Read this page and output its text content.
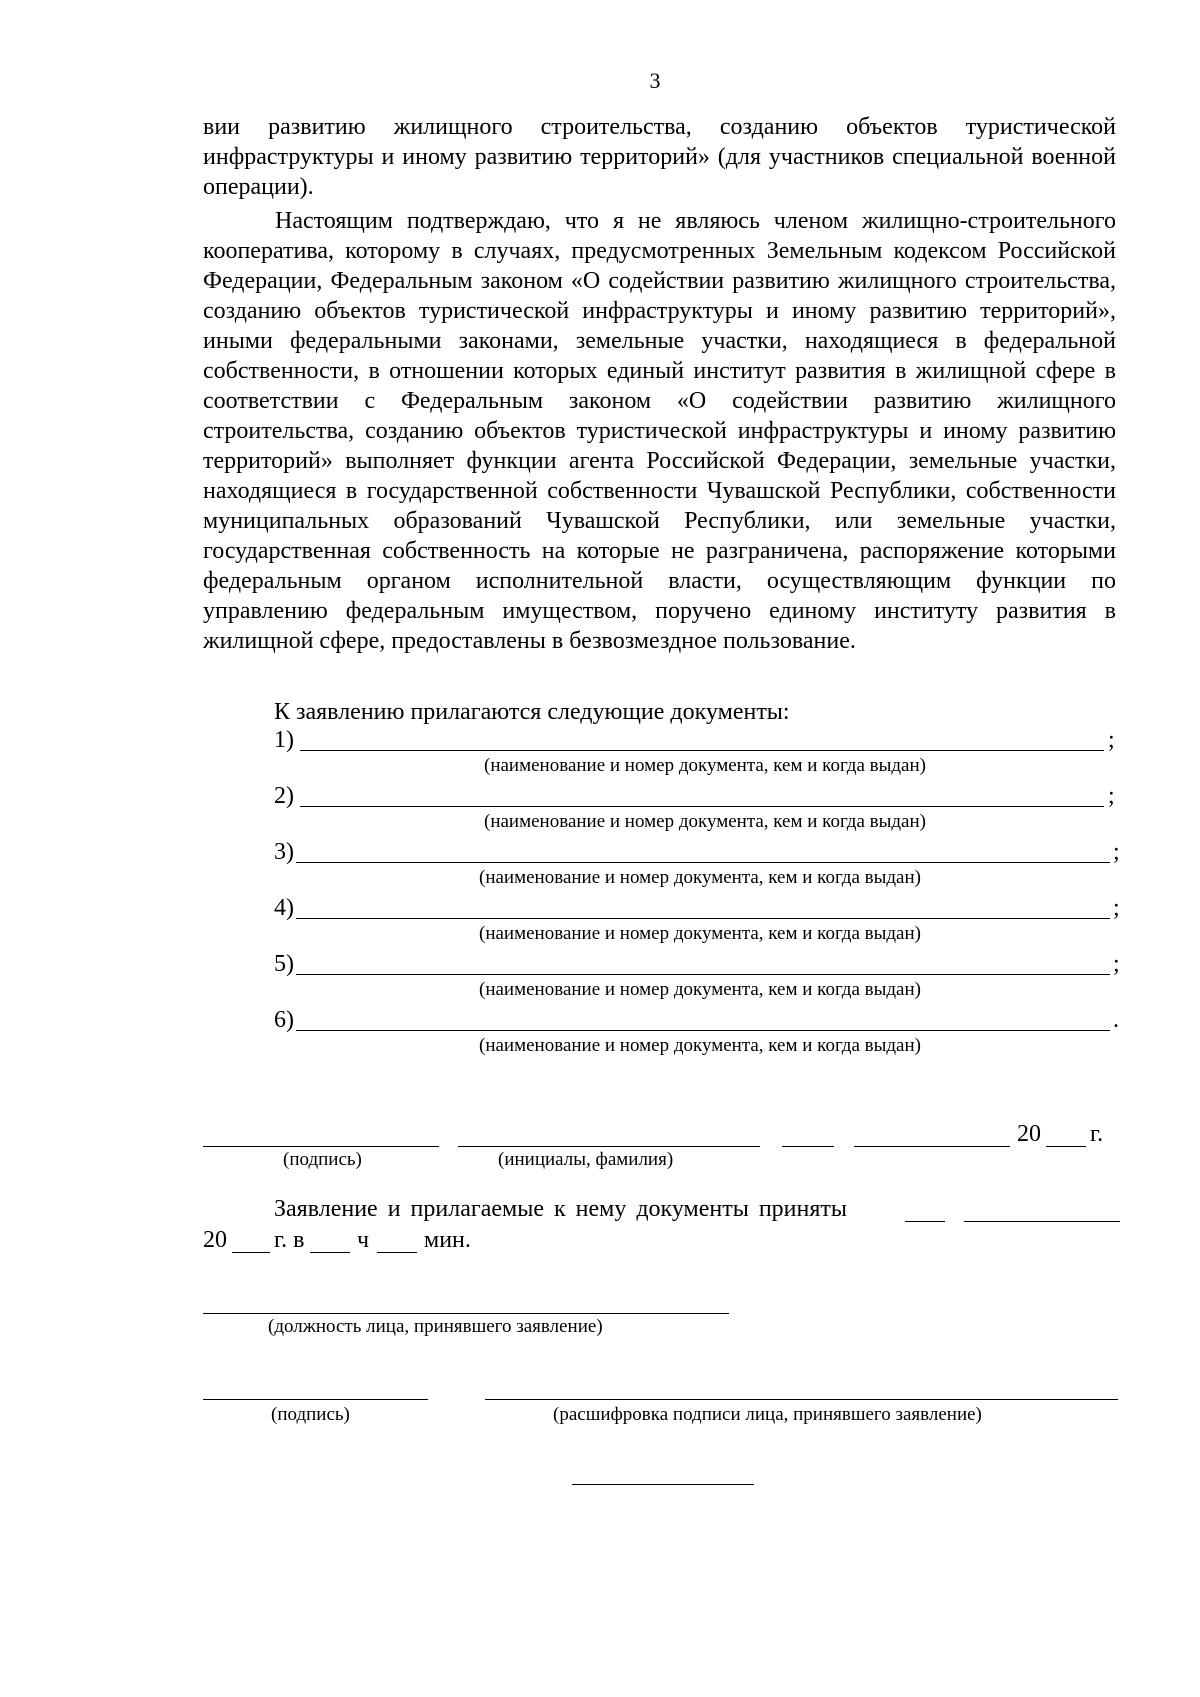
3
вии развитию жилищного строительства, созданию объектов туристической инфраструктуры и иному развитию территорий» (для участников специальной военной операции).
Настоящим подтверждаю, что я не являюсь членом жилищно-строительного кооператива, которому в случаях, предусмотренных Земельным кодексом Российской Федерации, Федеральным законом «О содействии развитию жилищного строительства, созданию объектов туристической инфраструктуры и иному развитию территорий», иными федеральными законами, земельные участки, находящиеся в федеральной собственности, в отношении которых единый институт развития в жилищной сфере в соответствии с Федеральным законом «О содействии развитию жилищного строительства, созданию объектов туристической инфраструктуры и иному развитию территорий» выполняет функции агента Российской Федерации, земельные участки, находящиеся в государственной собственности Чувашской Республики, собственности муниципальных образований Чувашской Республики, или земельные участки, государственная собственность на которые не разграничена, распоряжение которыми федеральным органом исполнительной власти, осуществляющим функции по управлению федеральным имуществом, поручено единому институту развития в жилищной сфере, предоставлены в безвозмездное пользование.
К заявлению прилагаются следующие документы:
1)	;
(наименование и номер документа, кем и когда выдан)
2)	;
(наименование и номер документа, кем и когда выдан)
3)	;
(наименование и номер документа, кем и когда выдан)
4)	;
(наименование и номер документа, кем и когда выдан)
5)	;
(наименование и номер документа, кем и когда выдан)
6)	.
(наименование и номер документа, кем и когда выдан)
20 г.
(подпись)	(инициалы, фамилия)
Заявление и прилагаемые к нему документы приняты
20 г. в ч мин.
(должность лица, принявшего заявление)
(подпись)	(расшифровка подписи лица, принявшего заявление)
